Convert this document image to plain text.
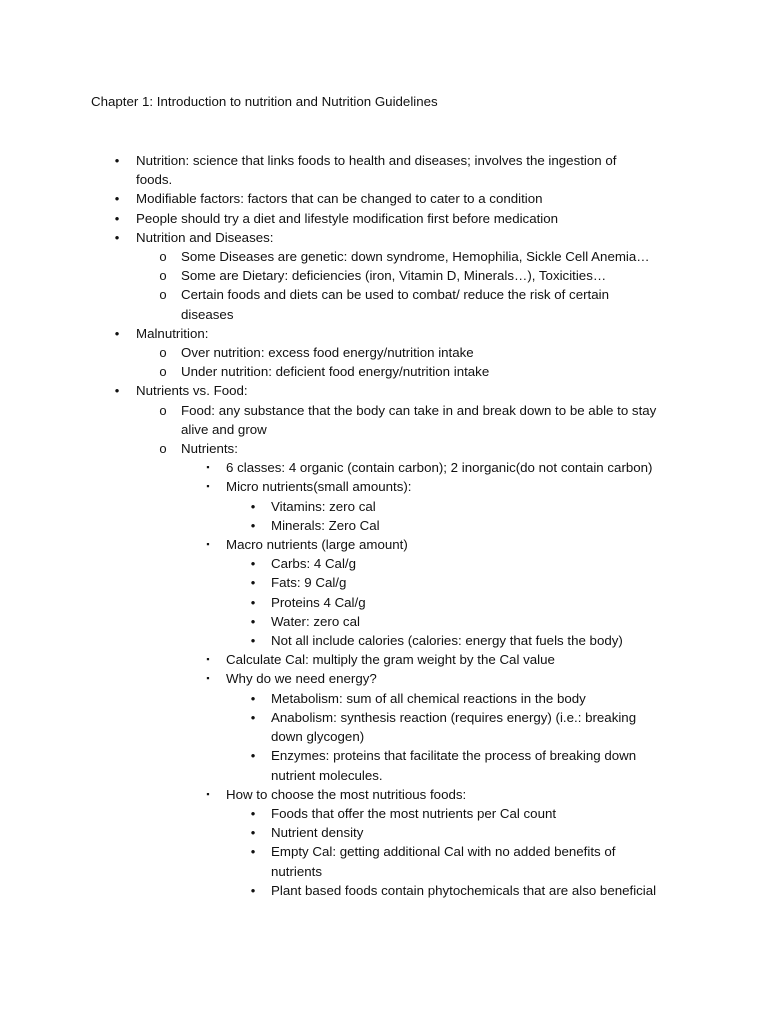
Chapter 1: Introduction to nutrition and Nutrition Guidelines
•	Nutrition: science that links foods to health and diseases; involves the ingestion of
foods.
•	Modifiable factors: factors that can be changed to cater to a condition
•	People should try a diet and lifestyle modification first before medication
•	Nutrition and Diseases:
o	Some Diseases are genetic: down syndrome, Hemophilia, Sickle Cell Anemia…
o	Some are Dietary: deficiencies (iron, Vitamin D, Minerals…), Toxicities…
o	Certain foods and diets can be used to combat/ reduce the risk of certain
diseases
•	Malnutrition:
o	Over nutrition: excess food energy/nutrition intake
o	Under nutrition: deficient food energy/nutrition intake
•	Nutrients vs. Food:
o	Food: any substance that the body can take in and break down to be able to stay
alive and grow
o	Nutrients:
▪	6 classes: 4 organic (contain carbon); 2 inorganic(do not contain carbon)
▪	Micro nutrients(small amounts):
•	Vitamins: zero cal
•	Minerals: Zero Cal
▪	Macro nutrients (large amount)
•	Carbs: 4 Cal/g
•	Fats: 9 Cal/g
•	Proteins 4 Cal/g
•	Water: zero cal
•	Not all include calories (calories: energy that fuels the body)
▪	Calculate Cal: multiply the gram weight by the Cal value
▪	Why do we need energy?
•	Metabolism: sum of all chemical reactions in the body
•	Anabolism: synthesis reaction (requires energy) (i.e.: breaking
down glycogen)
•	Enzymes: proteins that facilitate the process of breaking down
nutrient molecules.
▪	How to choose the most nutritious foods:
•	Foods that offer the most nutrients per Cal count
•	Nutrient density
•	Empty Cal: getting additional Cal with no added benefits of
nutrients
•	Plant based foods contain phytochemicals that are also beneficial
